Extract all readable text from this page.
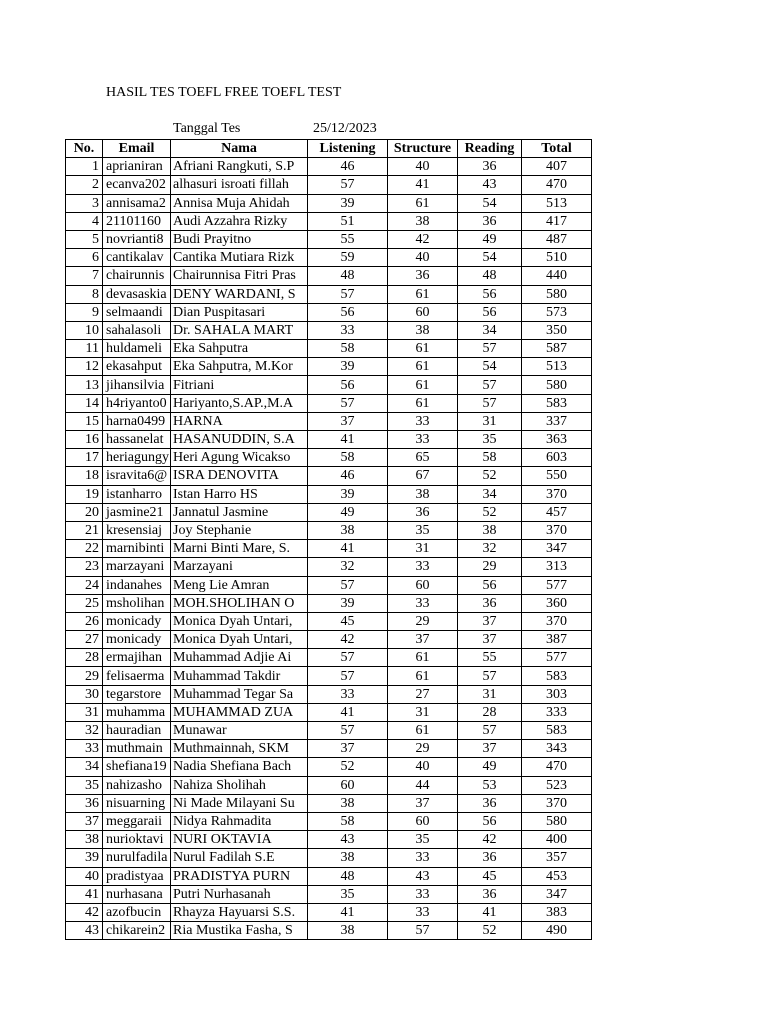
HASIL TES TOEFL FREE TOEFL TEST
Tanggal Tes	25/12/2023
No.	Email	Nama	Listening	Structure	Reading	Total
1	aprianiran	Afriani Rangkuti, S.P	46	40	36	407
2	ecanva202	alhasuri isroati fillah	57	41	43	470
3	annisama2	Annisa Muja Ahidah	39	61	54	513
4	21101160	Audi Azzahra Rizky	51	38	36	417
5	novrianti8	Budi Prayitno	55	42	49	487
6	cantikalav	Cantika Mutiara Rizk	59	40	54	510
7	chairunnis	Chairunnisa Fitri Pras	48	36	48	440
8	devasaskia	DENY WARDANI, S	57	61	56	580
9	selmaandi	Dian Puspitasari	56	60	56	573
10	sahalasoli	Dr. SAHALA MART	33	38	34	350
11	huldameli	Eka Sahputra	58	61	57	587
12	ekasahput	Eka Sahputra, M.Kor	39	61	54	513
13	jihansilvia	Fitriani	56	61	57	580
14	h4riyanto0	Hariyanto,S.AP.,M.A	57	61	57	583
15	harna0499	HARNA	37	33	31	337
16	hassanelat	HASANUDDIN, S.A	41	33	35	363
17	heriagungy	Heri Agung Wicakso	58	65	58	603
18	isravita6@	ISRA DENOVITA	46	67	52	550
19	istanharro	Istan Harro HS	39	38	34	370
20	jasmine21	Jannatul Jasmine	49	36	52	457
21	kresensiaj	Joy Stephanie	38	35	38	370
22	marnibinti	Marni Binti Mare, S.	41	31	32	347
23	marzayani	Marzayani	32	33	29	313
24	indanahes	Meng Lie Amran	57	60	56	577
25	msholihan	MOH.SHOLIHAN O	39	33	36	360
26	monicady	Monica Dyah Untari,	45	29	37	370
27	monicady	Monica Dyah Untari,	42	37	37	387
28	ermajihan	Muhammad Adjie Ai	57	61	55	577
29	felisaerma	Muhammad Takdir	57	61	57	583
30	tegarstore	Muhammad Tegar Sa	33	27	31	303
31	muhamma	MUHAMMAD ZUA	41	31	28	333
32	hauradian	Munawar	57	61	57	583
33	muthmain	Muthmainnah, SKM	37	29	37	343
34	shefiana19	Nadia Shefiana Bach	52	40	49	470
35	nahizasho	Nahiza Sholihah	60	44	53	523
36	nisuarning	Ni Made Milayani Su	38	37	36	370
37	meggaraii	Nidya Rahmadita	58	60	56	580
38	nurioktavi	NURI OKTAVIA	43	35	42	400
39	nurulfadila	Nurul Fadilah S.E	38	33	36	357
40	pradistyaa	PRADISTYA PURN	48	43	45	453
41	nurhasana	Putri Nurhasanah	35	33	36	347
42	azofbucin	Rhayza Hayuarsi S.S.	41	33	41	383
43	chikarein2	Ria Mustika Fasha, S	38	57	52	490
